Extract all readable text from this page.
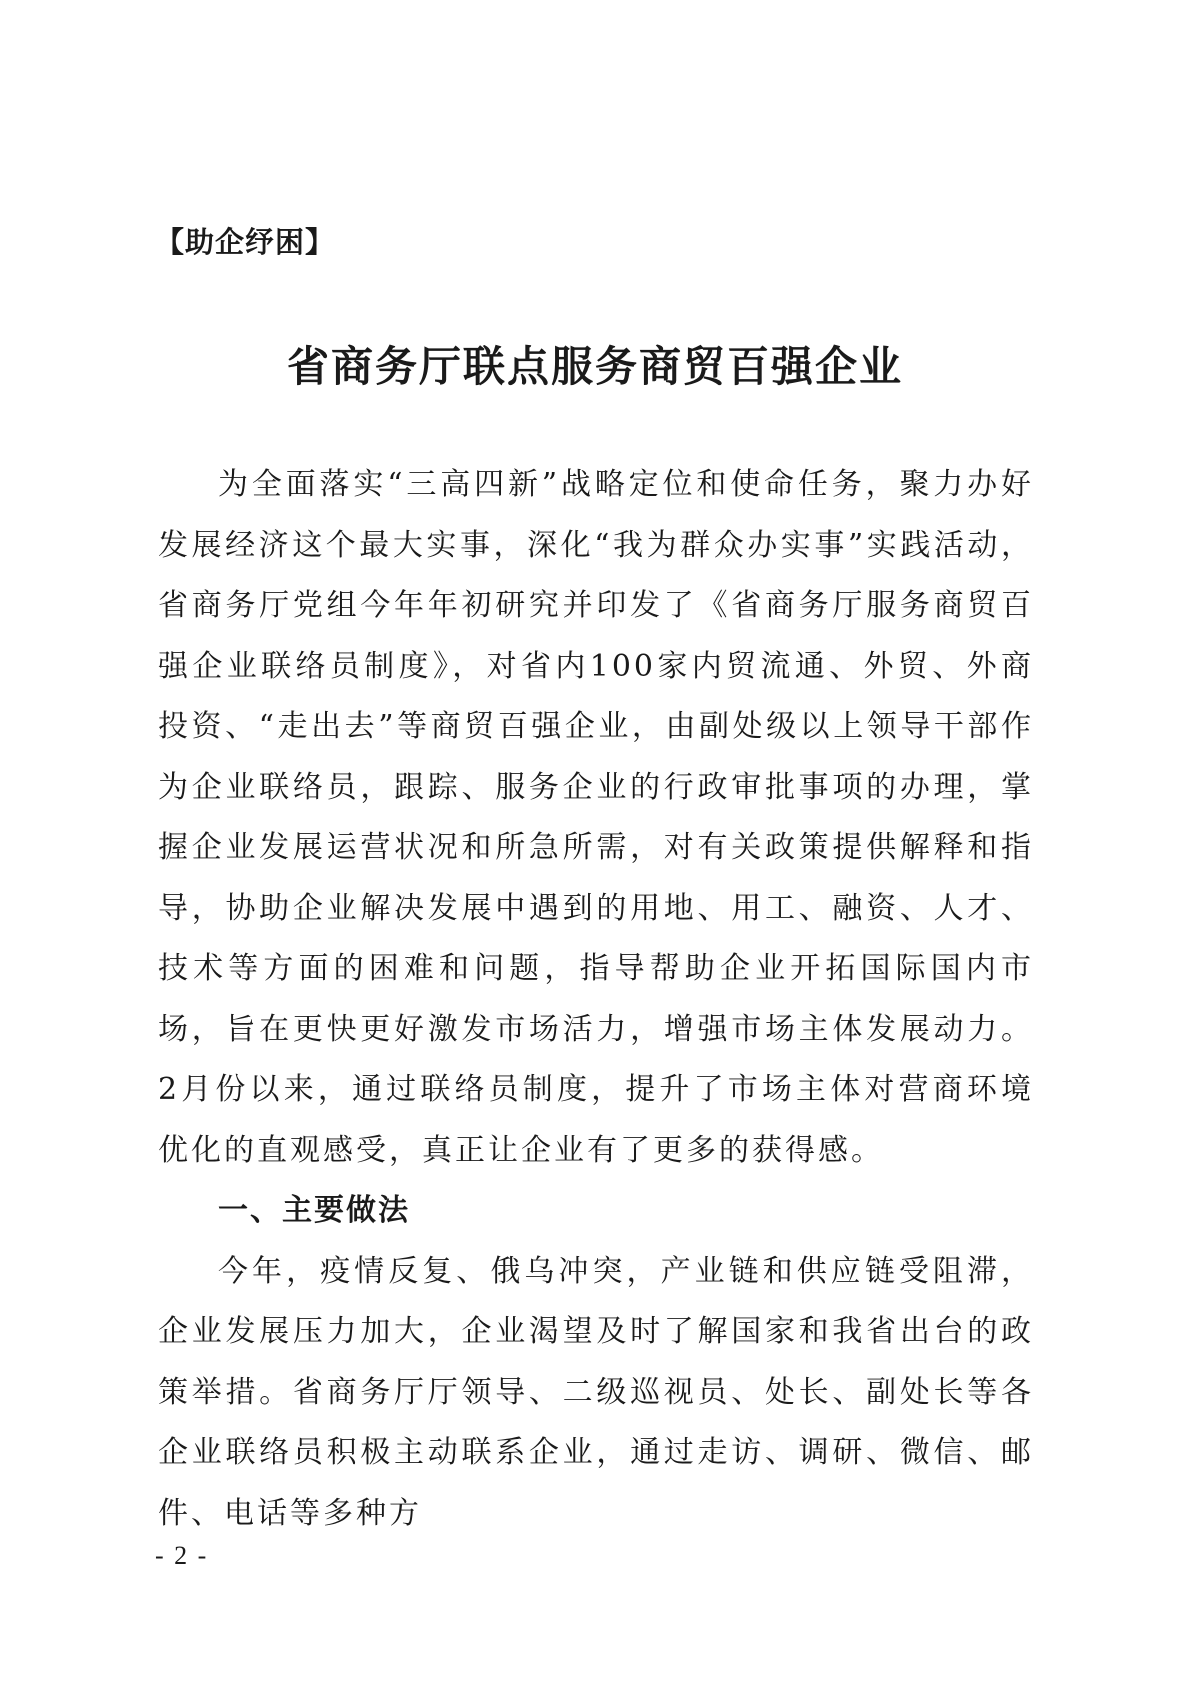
【助企纾困】

省商务厅联点服务商贸百强企业

为全面落实“三高四新”战略定位和使命任务，聚力办好发展经济这个最大实事，深化“我为群众办实事”实践活动，省商务厅党组今年年初研究并印发了《省商务厅服务商贸百强企业联络员制度》，对省内100家内贸流通、外贸、外商投资、“走出去”等商贸百强企业，由副处级以上领导干部作为企业联络员，跟踪、服务企业的行政审批事项的办理，掌握企业发展运营状况和所急所需，对有关政策提供解释和指导，协助企业解决发展中遇到的用地、用工、融资、人才、技术等方面的困难和问题，指导帮助企业开拓国际国内市场，旨在更快更好激发市场活力，增强市场主体发展动力。2月份以来，通过联络员制度，提升了市场主体对营商环境优化的直观感受，真正让企业有了更多的获得感。

一、主要做法

今年，疫情反复、俄乌冲突，产业链和供应链受阻滞，企业发展压力加大，企业渴望及时了解国家和我省出台的政策举措。省商务厅厅领导、二级巡视员、处长、副处长等各企业联络员积极主动联系企业，通过走访、调研、微信、邮件、电话等多种方

- 2 -
